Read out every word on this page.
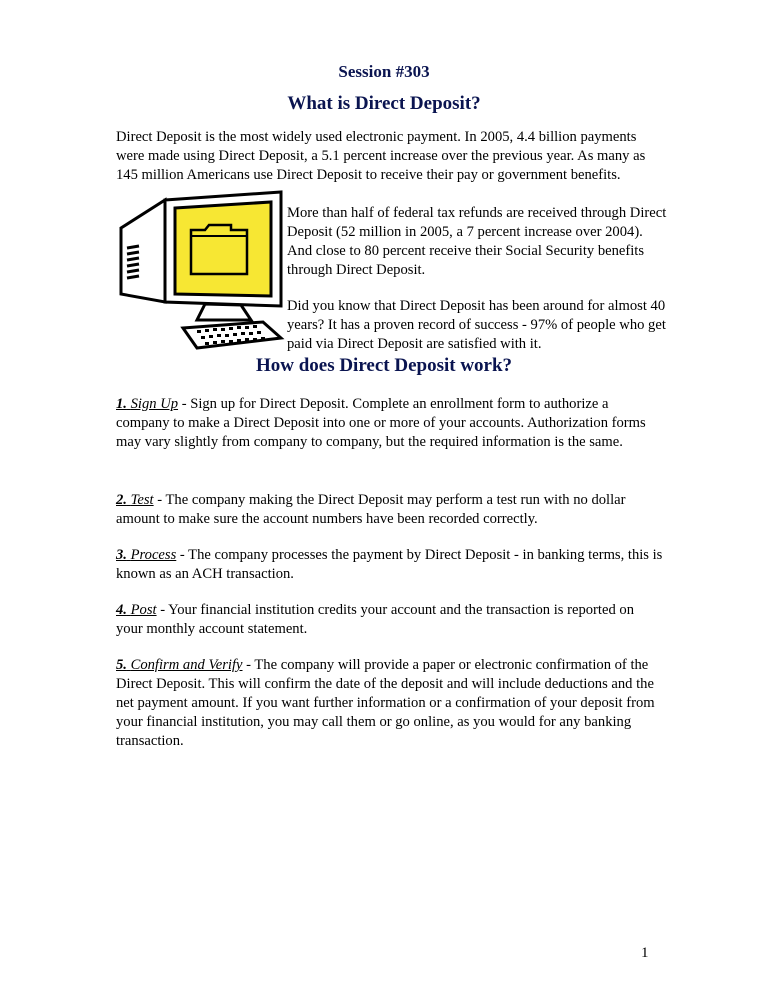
Session #303
What is Direct Deposit?

Direct Deposit is the most widely used electronic payment. In 2005, 4.4 billion payments were made using Direct Deposit, a 5.1 percent increase over the previous year. As many as 145 million Americans use Direct Deposit to receive their pay or government benefits.

More than half of federal tax refunds are received through Direct Deposit (52 million in 2005, a 7 percent increase over 2004). And close to 80 percent receive their Social Security benefits through Direct Deposit.

Did you know that Direct Deposit has been around for almost 40 years? It has a proven record of success - 97% of people who get paid via Direct Deposit are satisfied with it.

How does Direct Deposit work?

1. Sign Up - Sign up for Direct Deposit. Complete an enrollment form to authorize a company to make a Direct Deposit into one or more of your accounts. Authorization forms may vary slightly from company to company, but the required information is the same.

2. Test - The company making the Direct Deposit may perform a test run with no dollar amount to make sure the account numbers have been recorded correctly.

3. Process - The company processes the payment by Direct Deposit - in banking terms, this is known as an ACH transaction.

4. Post - Your financial institution credits your account and the transaction is reported on your monthly account statement.

5. Confirm and Verify - The company will provide a paper or electronic confirmation of the Direct Deposit. This will confirm the date of the deposit and will include deductions and the net payment amount. If you want further information or a confirmation of your deposit from your financial institution, you may call them or go online, as you would for any banking transaction.

1
